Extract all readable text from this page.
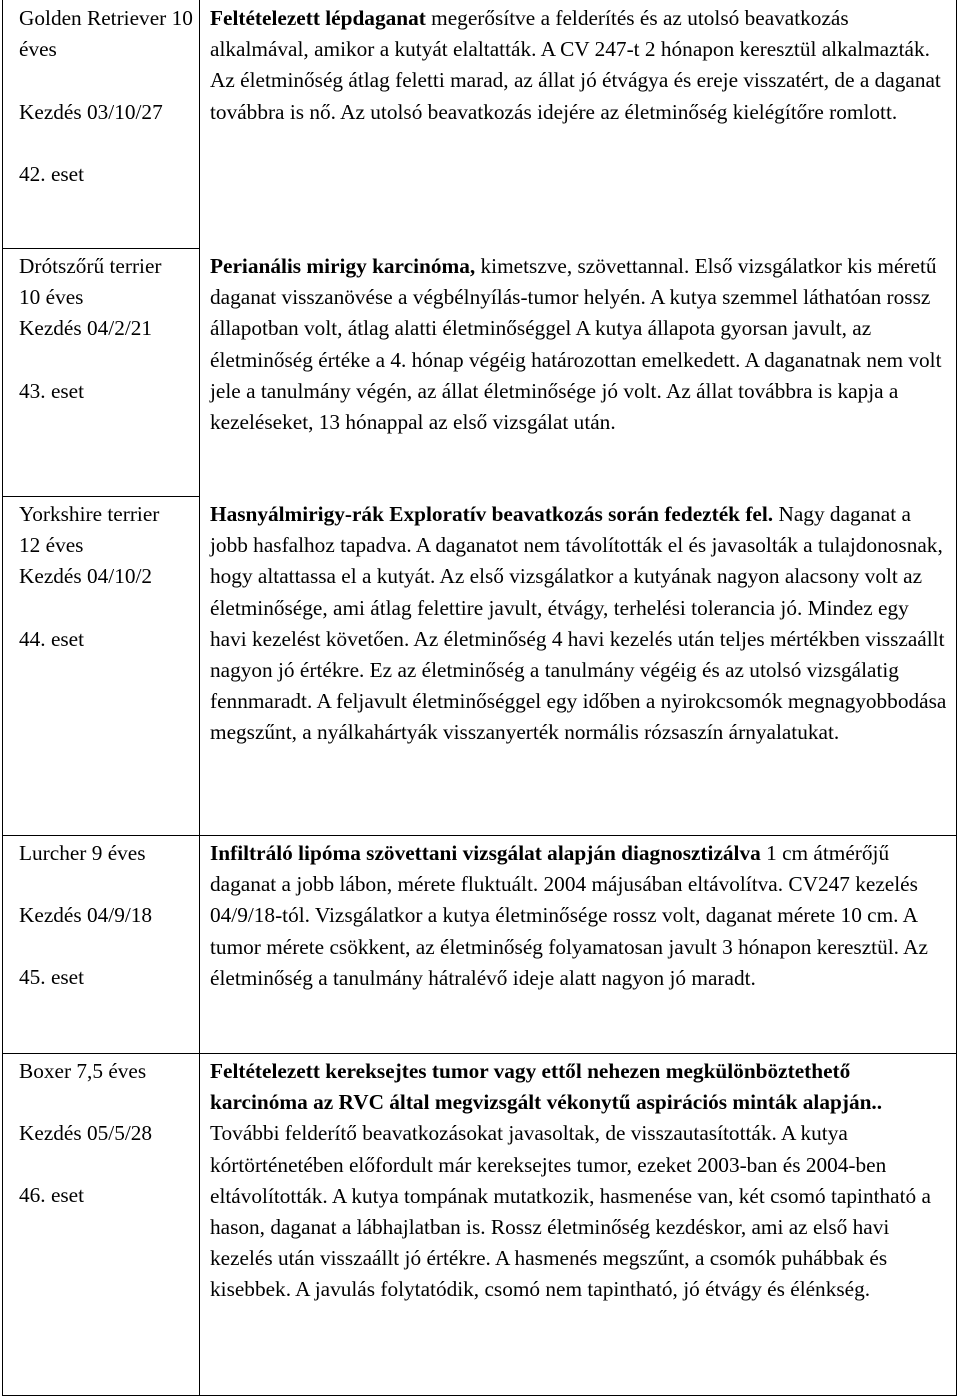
Golden Retriever 10 éves

Kezdés 03/10/27

42. eset

Feltételezett lépdaganat megerősítve a felderítés és az utolsó beavatkozás alkalmával, amikor a kutyát elaltatták. A CV 247-t 2 hónapon keresztül alkalmazták. Az életminőség átlag feletti marad, az állat jó étvágya és ereje visszatért, de a daganat továbbra is nő. Az utolsó beavatkozás idejére az életminőség kielégítőre romlott.

Drótszőrű terrier

10 éves

Kezdés 04/2/21

43. eset

Perianális mirigy karcinóma, kimetszve, szövettannal. Első vizsgálatkor kis méretű daganat visszanövése a végbélnyílás-tumor helyén. A kutya szemmel láthatóan rossz állapotban volt, átlag alatti életminőséggel A kutya állapota gyorsan javult, az életminőség értéke a 4. hónap végéig határozottan emelkedett. A daganatnak nem volt jele a tanulmány végén, az állat életminősége jó volt. Az állat továbbra is kapja a kezeléseket, 13 hónappal az első vizsgálat után.

Yorkshire terrier

12 éves

Kezdés 04/10/2

44. eset

Lurcher 9 éves

Kezdés 04/9/18

45. eset

Infiltráló lipóma szövettani vizsgálat alapján diagnosztizálva 1 cm átmérőjű daganat a jobb lábon, mérete fluktuált. 2004 májusában eltávolítva. CV247 kezelés 04/9/18-tól. Vizsgálatkor a kutya életminősége rossz volt, daganat mérete 10 cm. A tumor mérete csökkent, az életminőség folyamatosan javult 3 hónapon keresztül. Az életminőség a tanulmány hátralévő ideje alatt nagyon jó maradt.

Boxer 7,5 éves

Kezdés 05/5/28

46. eset

Feltételezett kereksejtes tumor vagy ettől nehezen megkülönböztethető karcinóma az RVC által megvizsgált vékonytű aspirációs minták alapján.. További felderítő beavatkozásokat javasoltak, de visszautasították. A kutya kórtörténetében előfordult már kereksejtes tumor, ezeket 2003-ban és 2004-ben eltávolították. A kutya tompának mutatkozik, hasmenése van, két csomó tapintható a hason, daganat a lábhajlatban is. Rossz életminőség kezdéskor, ami az első havi kezelés után visszaállt jó értékre. A hasmenés megszűnt, a csomók puhábbak és kisebbek. A javulás folytatódik, csomó nem tapintható, jó étvágy és élénkség.
Hasnyálmirigy-rák Exploratív beavatkozás során fedezték fel. Nagy daganat a jobb hasfalhoz tapadva. A daganatot nem távolították el és javasolták a tulajdonosnak, hogy altattassa el a kutyát. Az első vizsgálatkor a kutyának nagyon alacsony volt az életminősége, ami átlag felettire javult, étvágy, terhelési tolerancia jó. Mindez egy havi kezelést követően. Az életminőség 4 havi kezelés után teljes mértékben visszaállt nagyon jó értékre. Ez az életminőség a tanulmány végéig és az utolsó vizsgálatig fennmaradt. A feljavult életminőséggel egy időben a nyirokcsomók megnagyobbodása megszűnt, a nyálkahártyák visszanyerték normális rózsaszín árnyalatukat.
